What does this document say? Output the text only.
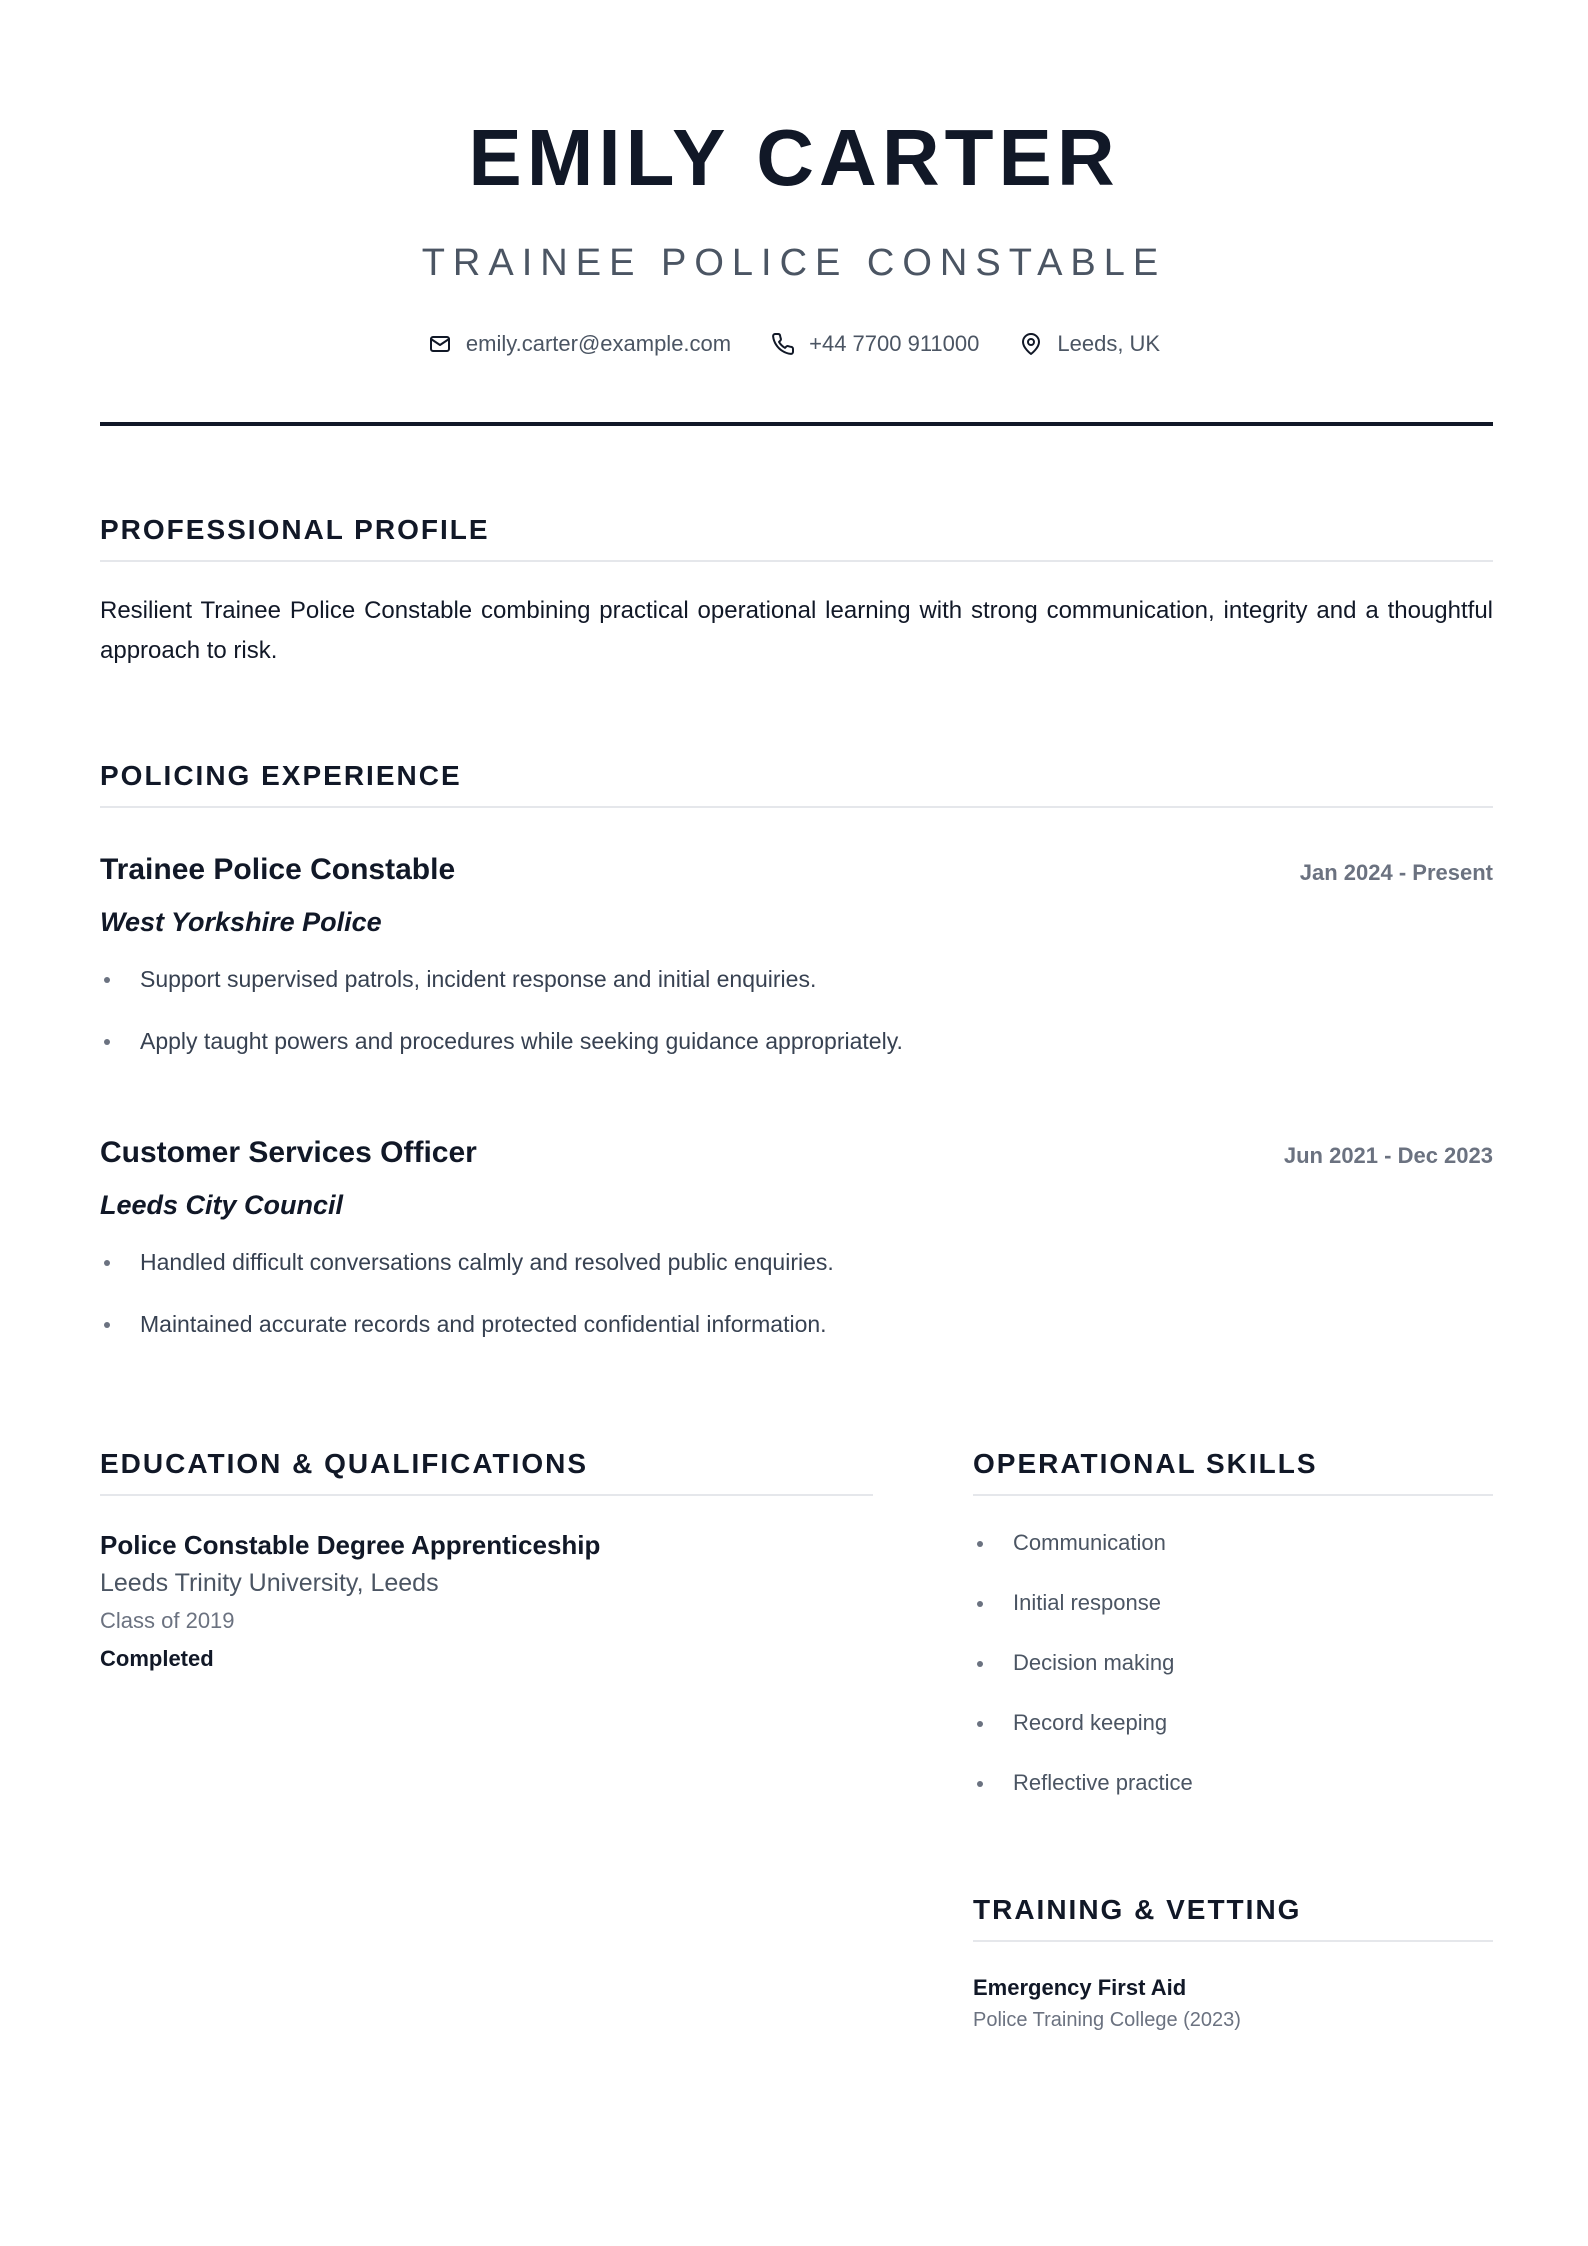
EMILY CARTER
TRAINEE POLICE CONSTABLE
emily.carter@example.com	+44 7700 911000	Leeds, UK
PROFESSIONAL PROFILE
Resilient Trainee Police Constable combining practical operational learning with strong communication, integrity and a thoughtful approach to risk.
POLICING EXPERIENCE
Trainee Police Constable	Jan 2024 - Present
West Yorkshire Police
Support supervised patrols, incident response and initial enquiries.
Apply taught powers and procedures while seeking guidance appropriately.
Customer Services Officer	Jun 2021 - Dec 2023
Leeds City Council
Handled difficult conversations calmly and resolved public enquiries.
Maintained accurate records and protected confidential information.
EDUCATION & QUALIFICATIONS
Police Constable Degree Apprenticeship
Leeds Trinity University, Leeds
Class of 2019
Completed
OPERATIONAL SKILLS
Communication
Initial response
Decision making
Record keeping
Reflective practice
TRAINING & VETTING
Emergency First Aid
Police Training College (2023)
